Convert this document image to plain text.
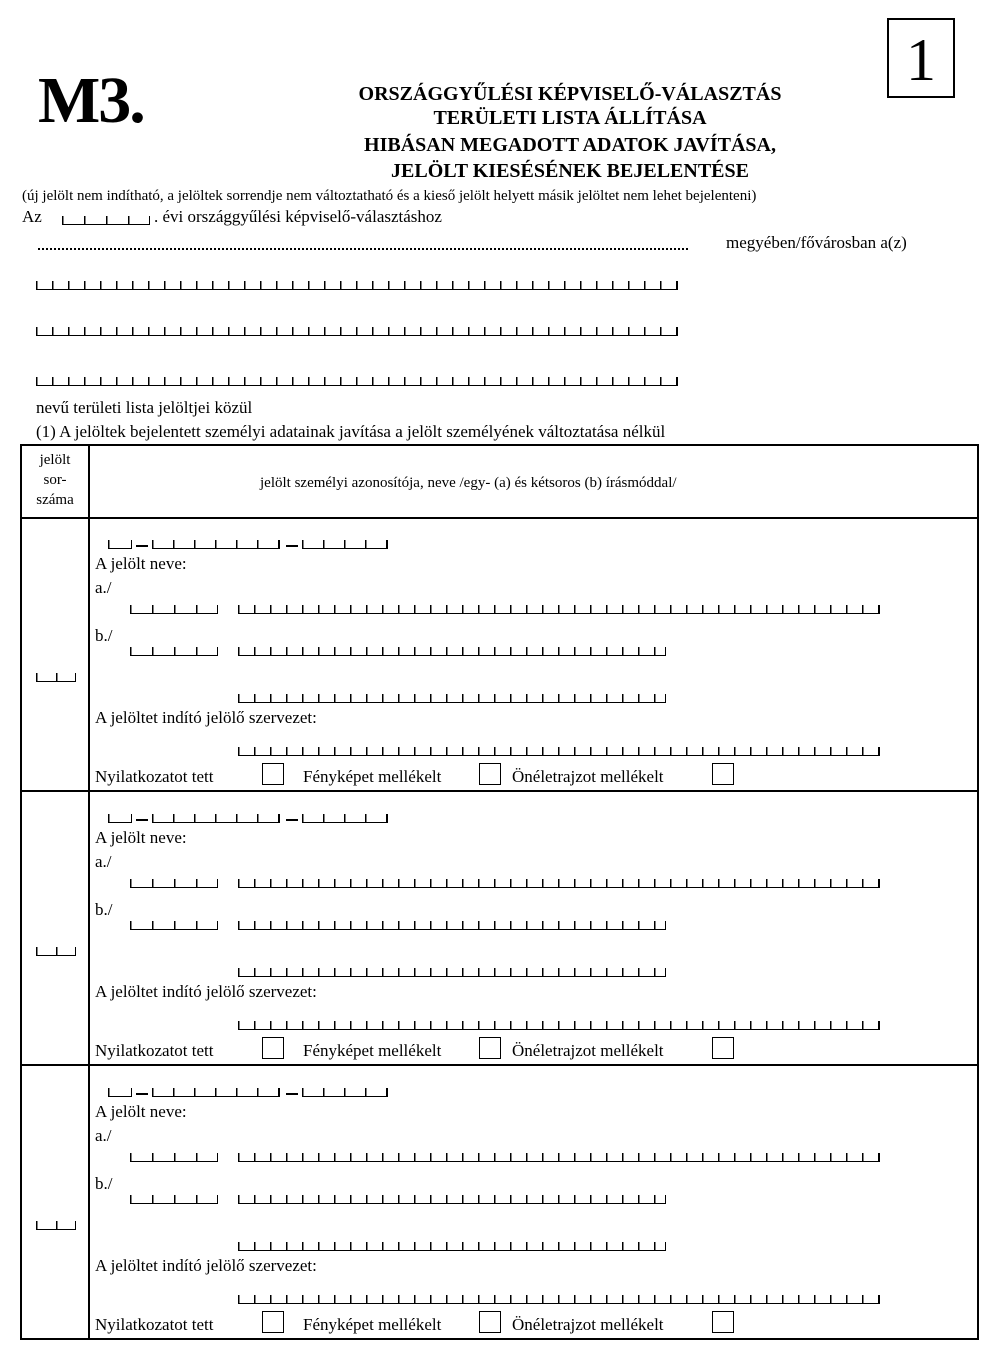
M3.
1
ORSZÁGGYŰLÉSI KÉPVISELŐ-VÁLASZTÁS
TERÜLETI LISTA ÁLLÍTÁSA
HIBÁSAN MEGADOTT ADATOK JAVÍTÁSA,
JELÖLT KIESÉSÉNEK BEJELENTÉSE
(új jelölt nem indítható, a jelöltek sorrendje nem változtatható és a kieső jelölt helyett másik jelöltet nem lehet bejelenteni)
Az	. évi országgyűlési képviselő-választáshoz
megyében/fővárosban a(z)
nevű területi lista jelöltjei közül
(1) A jelöltek bejelentett személyi adatainak javítása a jelölt személyének változtatása nélkül
jelölt
sor-
száma
jelölt személyi azonosítója, neve /egy- (a) és kétsoros (b) írásmóddal/
A jelölt neve:
a./
b./
A jelöltet indító jelölő szervezet:
Nyilatkozatot tett	Fényképet mellékelt	Önéletrajzot mellékelt
A jelölt neve:
a./
b./
A jelöltet indító jelölő szervezet:
Nyilatkozatot tett	Fényképet mellékelt	Önéletrajzot mellékelt
A jelölt neve:
a./
b./
A jelöltet indító jelölő szervezet:
Nyilatkozatot tett	Fényképet mellékelt	Önéletrajzot mellékelt
